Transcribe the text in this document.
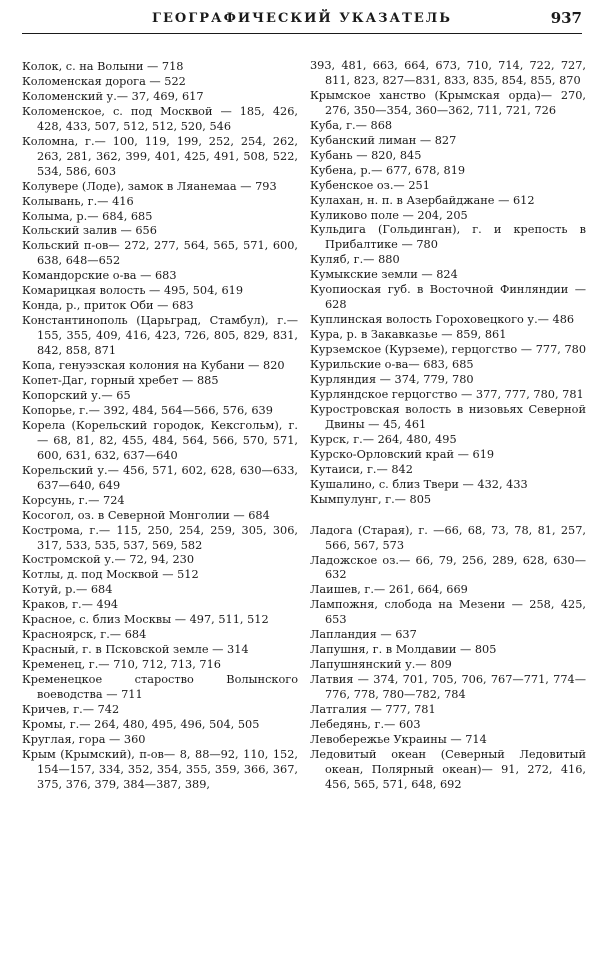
ГЕОГРАФИЧЕСКИЙ УКАЗАТЕЛЬ	937
Колок, с. на Волыни — 718
Коломенская дорога — 522
Коломенский у.— 37, 469, 617
Коломенское, с. под Москвой — 185, 426, 428, 433, 507, 512, 512, 520, 546
Коломна, г.— 100, 119, 199, 252, 254, 262, 263, 281, 362, 399, 401, 425, 491, 508, 522, 534, 586, 603
Колувере (Лоде), замок в Ляанемаа — 793
Колывань, г.— 416
Колыма, р.— 684, 685
Кольский залив — 656
Кольский п-ов— 272, 277, 564, 565, 571, 600, 638, 648—652
Командорские о-ва — 683
Комарицкая волость — 495, 504, 619
Конда, р., приток Оби — 683
Константинополь (Царьград, Стамбул), г.— 155, 355, 409, 416, 423, 726, 805, 829, 831, 842, 858, 871
Копа, генуэзская колония на Кубани — 820
Копет-Даг, горный хребет — 885
Копорский у.— 65
Копорье, г.— 392, 484, 564—566, 576, 639
Корела (Корельский городок, Кексгольм), г.— 68, 81, 82, 455, 484, 564, 566, 570, 571, 600, 631, 632, 637—640
Корельский у.— 456, 571, 602, 628, 630—633, 637—640, 649
Корсунь, г.— 724
Косогол, оз. в Северной Монголии — 684
Кострома, г.— 115, 250, 254, 259, 305, 306, 317, 533, 535, 537, 569, 582
Костромской у.— 72, 94, 230
Котлы, д. под Москвой — 512
Котуй, р.— 684
Краков, г.— 494
Красное, с. близ Москвы — 497, 511, 512
Красноярск, г.— 684
Красный, г. в Псковской земле — 314
Кременец, г.— 710, 712, 713, 716
Кременецкое староство Волынского воеводства — 711
Кричев, г.— 742
Кромы, г.— 264, 480, 495, 496, 504, 505
Круглая, гора — 360
Крым (Крымский), п-ов— 8, 88—92, 110, 152, 154—157, 334, 352, 354, 355, 359, 366, 367, 375, 376, 379, 384—387, 389,
393, 481, 663, 664, 673, 710, 714, 722, 727, 811, 823, 827—831, 833, 835, 854, 855, 870
Крымское ханство (Крымская орда)— 270, 276, 350—354, 360—362, 711, 721, 726
Куба, г.— 868
Кубанский лиман — 827
Кубань — 820, 845
Кубена, р.— 677, 678, 819
Кубенское оз.— 251
Кулахан, н. п. в Азербайджане — 612
Куликово поле — 204, 205
Кульдига (Гольдинган), г. и крепость в Прибалтике — 780
Куляб, г.— 880
Кумыкские земли — 824
Куопиоская губ. в Восточной Финляндии — 628
Куплинская волость Гороховецкого у.— 486
Кура, р. в Закавказье — 859, 861
Курземское (Курземе), герцогство — 777, 780
Курильские о-ва— 683, 685
Курляндия — 374, 779, 780
Курляндское герцогство — 377, 777, 780, 781
Куростровская волость в низовьях Северной Двины — 45, 461
Курск, г.— 264, 480, 495
Курско-Орловский край — 619
Кутаиси, г.— 842
Кушалино, с. близ Твери — 432, 433
Кымпулунг, г.— 805
Ладога (Старая), г. —66, 68, 73, 78, 81, 257, 566, 567, 573
Ладожское оз.— 66, 79, 256, 289, 628, 630—632
Лаишев, г.— 261, 664, 669
Лампожня, слобода на Мезени — 258, 425, 653
Лапландия — 637
Лапушня, г. в Молдавии — 805
Лапушнянский у.— 809
Латвия — 374, 701, 705, 706, 767—771, 774—776, 778, 780—782, 784
Латгалия — 777, 781
Лебедянь, г.— 603
Левобережье Украины — 714
Ледовитый океан (Северный Ледовитый океан, Полярный океан)— 91, 272, 416, 456, 565, 571, 648, 692
